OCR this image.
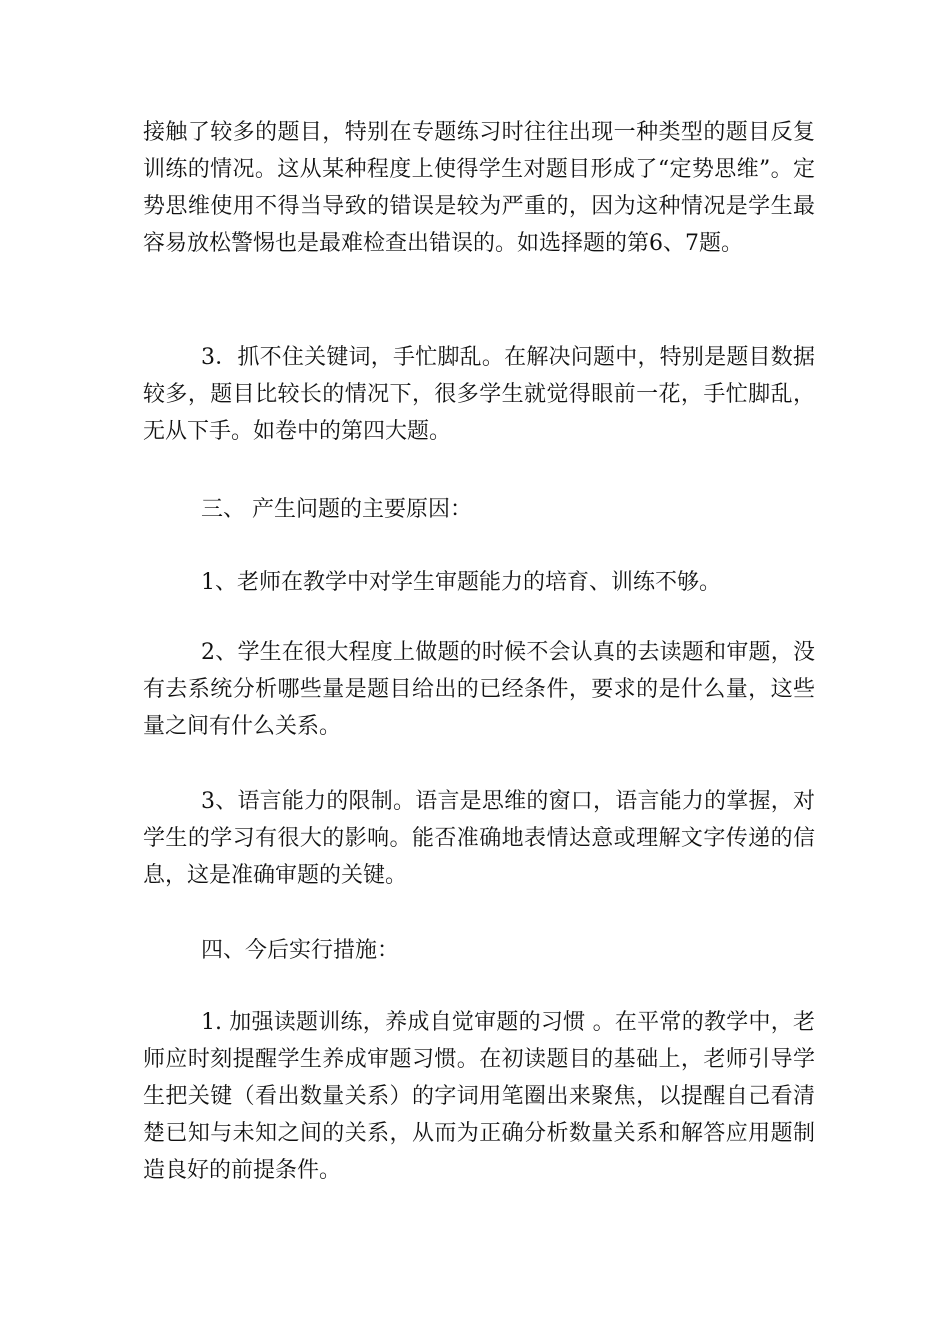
接触了较多的题目，特别在专题练习时往往出现一种类型的题目反复训练的情况。这从某种程度上使得学生对题目形成了“定势思维”。定势思维使用不得当导致的错误是较为严重的，因为这种情况是学生最容易放松警惕也是最难检查出错误的。如选择题的第6、7题。

3．抓不住关键词，手忙脚乱。在解决问题中，特别是题目数据较多，题目比较长的情况下，很多学生就觉得眼前一花，手忙脚乱，无从下手。如卷中的第四大题。

三、 产生问题的主要原因：

1、老师在教学中对学生审题能力的培育、训练不够。

2、学生在很大程度上做题的时候不会认真的去读题和审题，没有去系统分析哪些量是题目给出的已经条件，要求的是什么量，这些量之间有什么关系。

3、语言能力的限制。语言是思维的窗口，语言能力的掌握，对学生的学习有很大的影响。能否准确地表情达意或理解文字传递的信息，这是准确审题的关键。

四、今后实行措施：

1. 加强读题训练，养成自觉审题的习惯 。在平常的教学中，老师应时刻提醒学生养成审题习惯。在初读题目的基础上，老师引导学生把关键（看出数量关系）的字词用笔圈出来聚焦，以提醒自己看清楚已知与未知之间的关系，从而为正确分析数量关系和解答应用题制造良好的前提条件。
